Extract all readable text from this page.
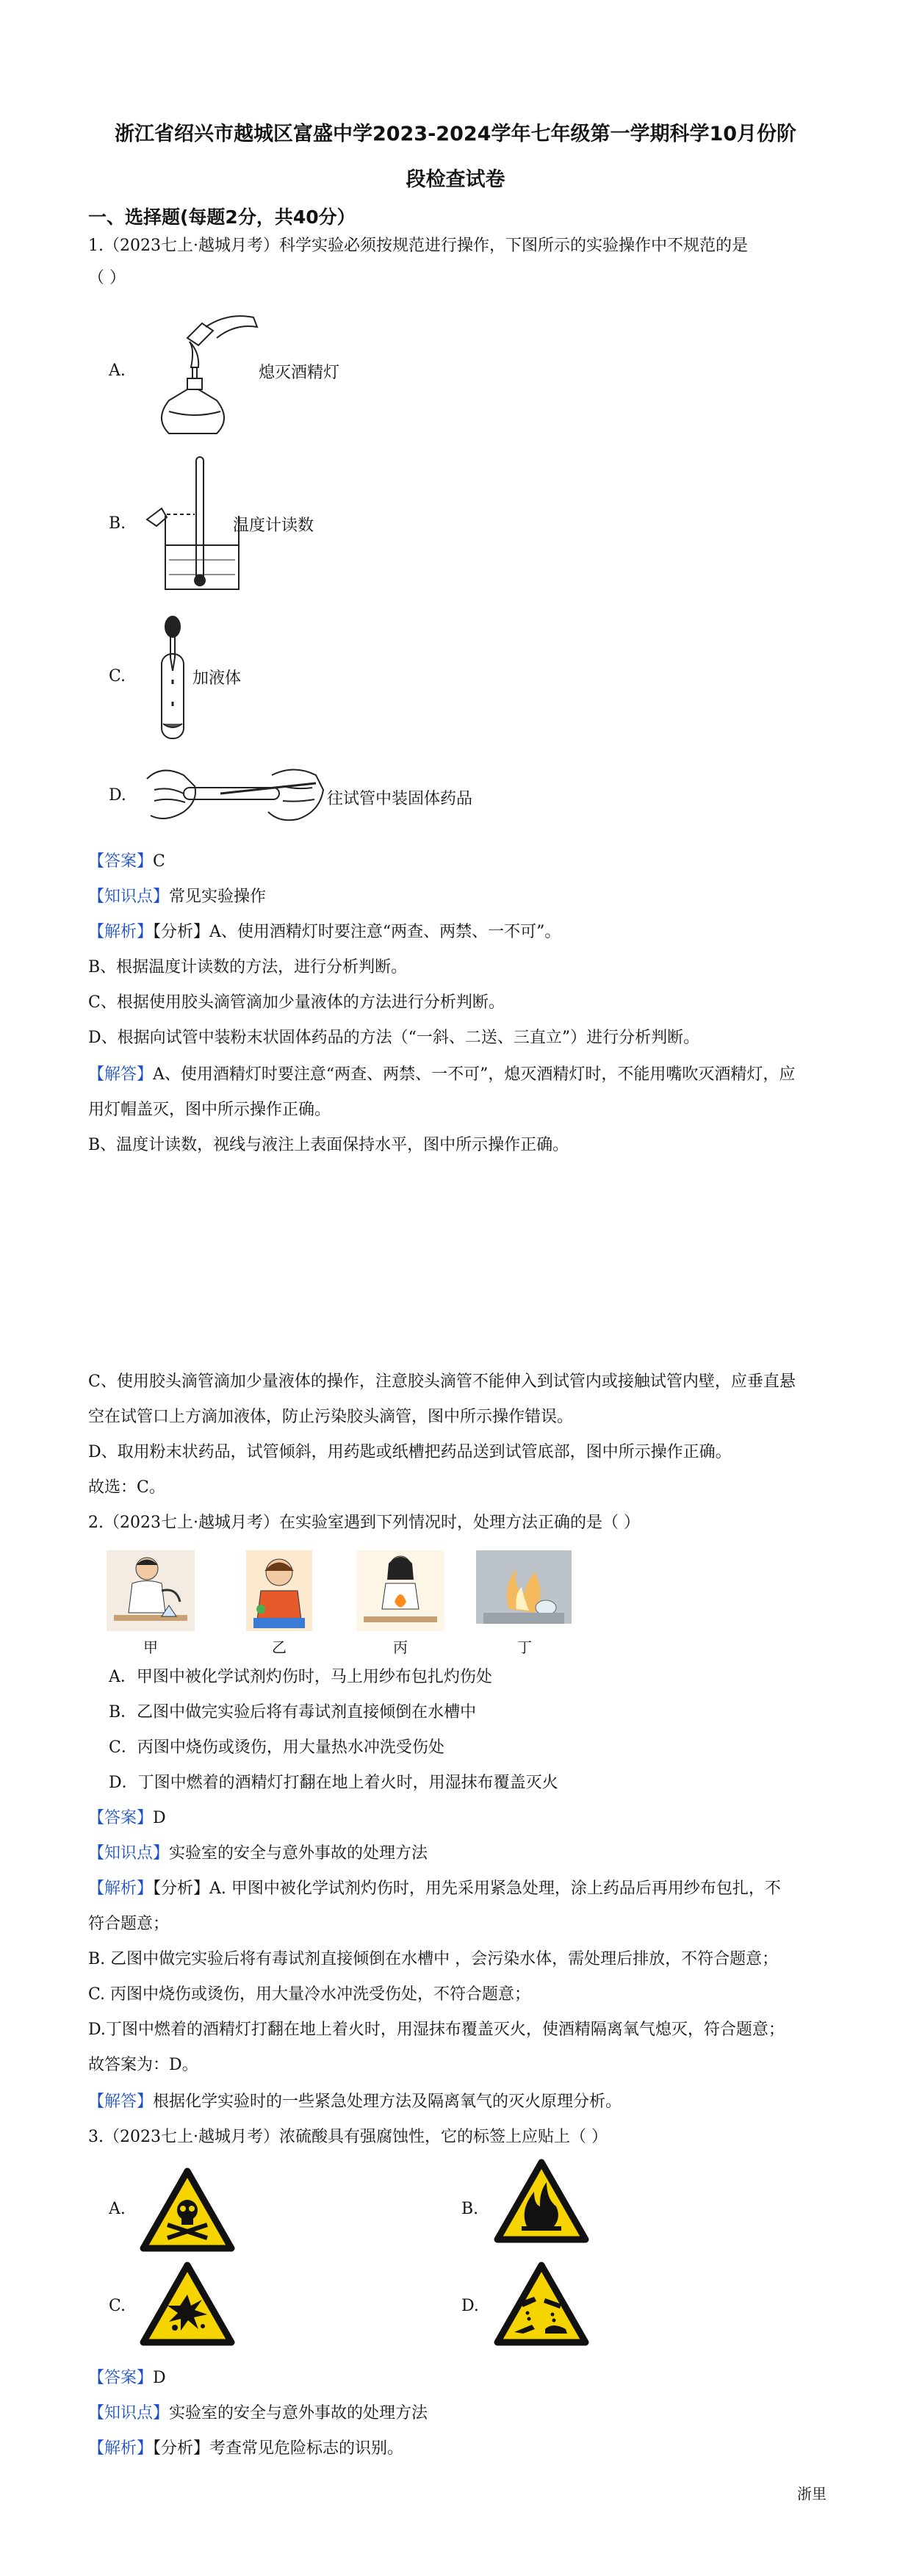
浙江省绍兴市越城区富盛中学2023-2024学年七年级第一学期科学10月份阶
段检查试卷
一、选择题(每题2分，共40分）
1.（2023七上·越城月考）科学实验必须按规范进行操作，下图所示的实验操作中不规范的是
（ ）
A.	熄灭酒精灯
B.	温度计读数
C.	加液体
D.	往试管中装固体药品
【答案】C
【知识点】常见实验操作
【解析】【分析】A、使用酒精灯时要注意“两查、两禁、一不可”。
B、根据温度计读数的方法，进行分析判断。
C、根据使用胶头滴管滴加少量液体的方法进行分析判断。
D、根据向试管中装粉末状固体药品的方法（“一斜、二送、三直立”）进行分析判断。
【解答】A、使用酒精灯时要注意“两查、两禁、一不可”，熄灭酒精灯时，不能用嘴吹灭酒精灯，应
用灯帽盖灭，图中所示操作正确。
B、温度计读数，视线与液注上表面保持水平，图中所示操作正确。
C、使用胶头滴管滴加少量液体的操作，注意胶头滴管不能伸入到试管内或接触试管内壁，应垂直悬
空在试管口上方滴加液体，防止污染胶头滴管，图中所示操作错误。
D、取用粉末状药品，试管倾斜，用药匙或纸槽把药品送到试管底部，图中所示操作正确。
故选：C。
2.（2023七上·越城月考）在实验室遇到下列情况时，处理方法正确的是（ ）
甲	乙	丙	丁
A．甲图中被化学试剂灼伤时，马上用纱布包扎灼伤处
B．乙图中做完实验后将有毒试剂直接倾倒在水槽中
C．丙图中烧伤或烫伤，用大量热水冲洗受伤处
D．丁图中燃着的酒精灯打翻在地上着火时，用湿抹布覆盖灭火
【答案】D
【知识点】实验室的安全与意外事故的处理方法
【解析】【分析】A. 甲图中被化学试剂灼伤时，用先采用紧急处理，涂上药品后再用纱布包扎，不
符合题意；
B. 乙图中做完实验后将有毒试剂直接倾倒在水槽中 ，会污染水体，需处理后排放，不符合题意；
C. 丙图中烧伤或烫伤，用大量冷水冲洗受伤处，不符合题意；
D.丁图中燃着的酒精灯打翻在地上着火时，用湿抹布覆盖灭火，使酒精隔离氧气熄灭，符合题意；
故答案为：D。
【解答】根据化学实验时的一些紧急处理方法及隔离氧气的灭火原理分析。
3.（2023七上·越城月考）浓硫酸具有强腐蚀性，它的标签上应贴上（ ）
A.	B.
C.	D.
【答案】D
【知识点】实验室的安全与意外事故的处理方法
【解析】【分析】考查常见危险标志的识别。
浙里
